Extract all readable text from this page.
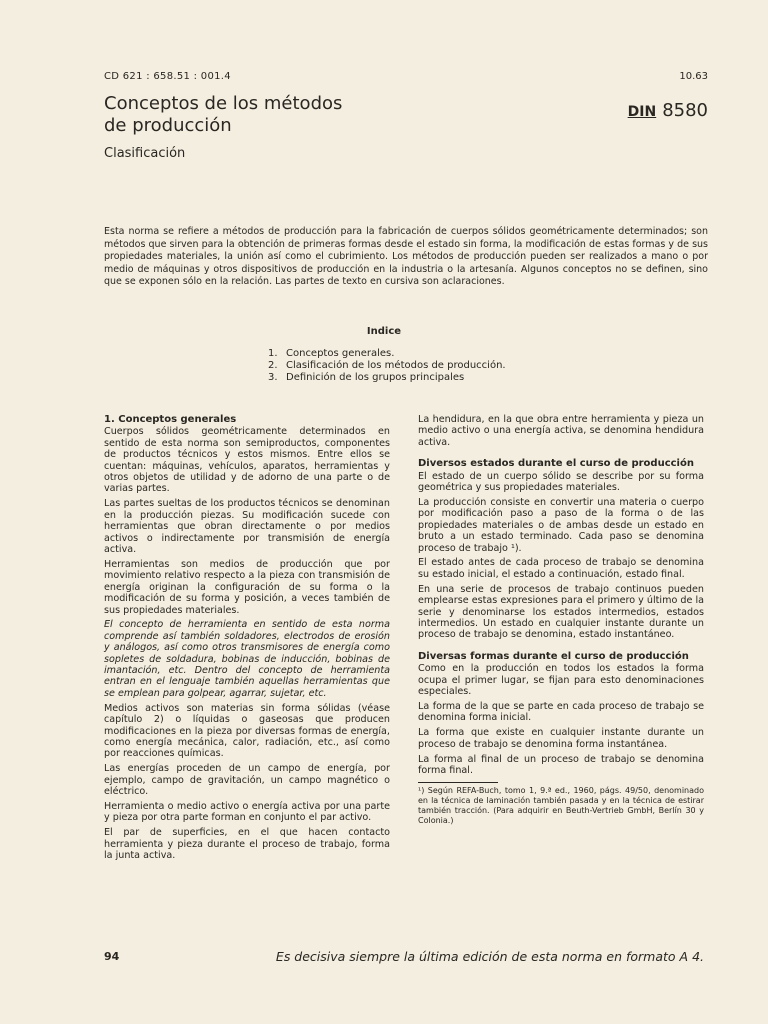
CD 621 : 658.51 : 001.4	10.63
Conceptos de los métodos
de producción
DIN 8580
Clasificación

Esta norma se refiere a métodos de producción para la fabricación de cuerpos sólidos geométricamente determinados; son métodos que sirven para la obtención de primeras formas desde el estado sin forma, la modificación de estas formas y de sus propiedades materiales, la unión así como el cubrimiento. Los métodos de producción pueden ser realizados a mano o por medio de máquinas y otros dispositivos de producción en la industria o la artesanía. Algunos conceptos no se definen, sino que se exponen sólo en la relación. Las partes de texto en cursiva son aclaraciones.

Indice
1. Conceptos generales.
2. Clasificación de los métodos de producción.
3. Definición de los grupos principales
1. Conceptos generales

Cuerpos sólidos geométricamente determinados en sentido de esta norma son semiproductos, componentes de productos técnicos y estos mismos. Entre ellos se cuentan: máquinas, vehículos, aparatos, herramientas y otros objetos de utilidad y de adorno de una parte o de varias partes.

Las partes sueltas de los productos técnicos se denominan en la producción piezas. Su modificación sucede con herramientas que obran directamente o por medios activos o indirectamente por transmisión de energía activa.

Herramientas son medios de producción que por movimiento relativo respecto a la pieza con transmisión de energía originan la configuración de su forma o la modificación de su forma y posición, a veces también de sus propiedades materiales.

El concepto de herramienta en sentido de esta norma comprende así también soldadores, electrodos de erosión y análogos, así como otros transmisores de energía como sopletes de soldadura, bobinas de inducción, bobinas de imantación, etc. Dentro del concepto de herramienta entran en el lenguaje también aquellas herramientas que se emplean para golpear, agarrar, sujetar, etc.

Medios activos son materias sin forma sólidas (véase capítulo 2) o líquidas o gaseosas que producen modificaciones en la pieza por diversas formas de energía, como energía mecánica, calor, radiación, etc., así como por reacciones químicas.

Las energías proceden de un campo de energía, por ejemplo, campo de gravitación, un campo magnético o eléctrico.

Herramienta o medio activo o energía activa por una parte y pieza por otra parte forman en conjunto el par activo.

El par de superficies, en el que hacen contacto herramienta y pieza durante el proceso de trabajo, forma la junta activa.

La hendidura, en la que obra entre herramienta y pieza un medio activo o una energía activa, se denomina hendidura activa.

Diversos estados durante el curso de producción

El estado de un cuerpo sólido se describe por su forma geométrica y sus propiedades materiales.

La producción consiste en convertir una materia o cuerpo por modificación paso a paso de la forma o de las propiedades materiales o de ambas desde un estado en bruto a un estado terminado. Cada paso se denomina proceso de trabajo ¹).

El estado antes de cada proceso de trabajo se denomina su estado inicial, el estado a continuación, estado final.

En una serie de procesos de trabajo continuos pueden emplearse estas expresiones para el primero y último de la serie y denominarse los estados intermedios, estados intermedios. Un estado en cualquier instante durante un proceso de trabajo se denomina, estado instantáneo.

Diversas formas durante el curso de producción

Como en la producción en todos los estados la forma ocupa el primer lugar, se fijan para esto denominaciones especiales.

La forma de la que se parte en cada proceso de trabajo se denomina forma inicial.

La forma que existe en cualquier instante durante un proceso de trabajo se denomina forma instantánea.

La forma al final de un proceso de trabajo se denomina forma final.

¹) Según REFA-Buch, tomo 1, 9.ª ed., 1960, págs. 49/50, denominado en la técnica de laminación también pasada y en la técnica de estirar también tracción. (Para adquirir en Beuth-Vertrieb GmbH, Berlín 30 y Colonia.)

94	Es decisiva siempre la última edición de esta norma en formato A 4.
